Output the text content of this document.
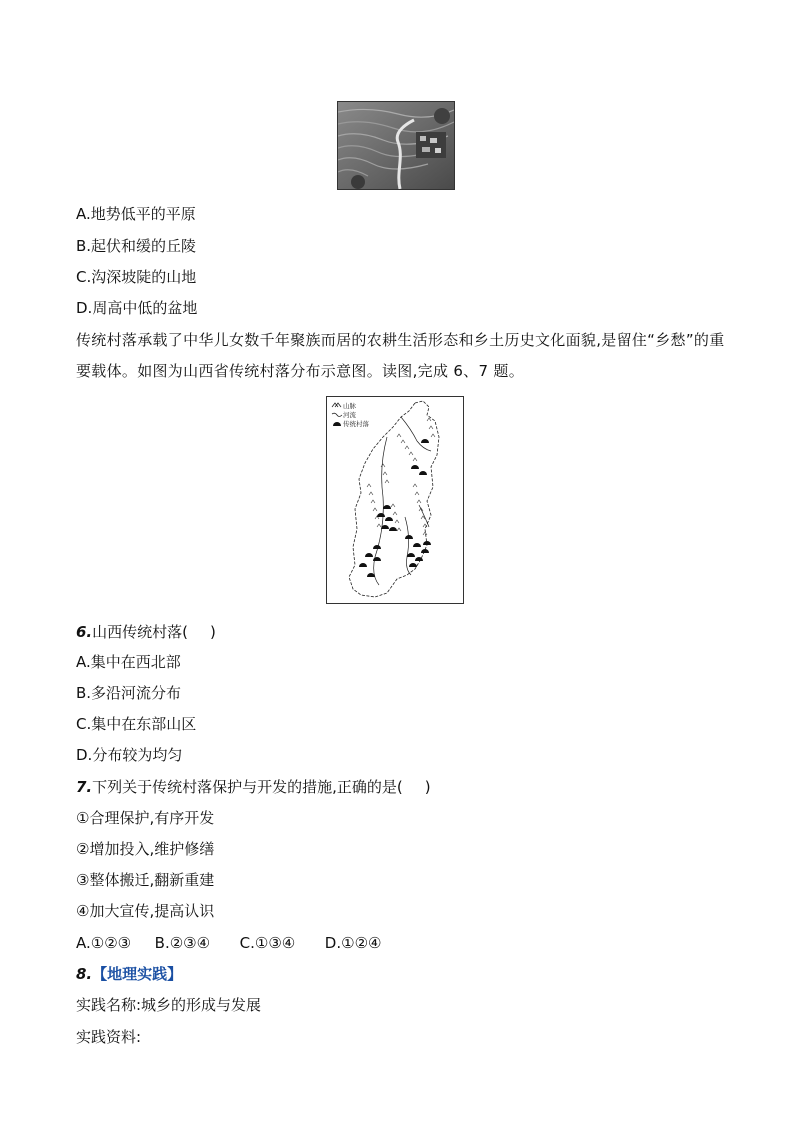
A.地势低平的平原
B.起伏和缓的丘陵
C.沟深坡陡的山地
D.周高中低的盆地
传统村落承载了中华儿女数千年聚族而居的农耕生活形态和乡土历史文化面貌,是留住“乡愁”的重要载体。如图为山西省传统村落分布示意图。读图,完成 6、7 题。
山脉
河流
传统村落
6.山西传统村落( )
A.集中在西北部
B.多沿河流分布
C.集中在东部山区
D.分布较为均匀
7.下列关于传统村落保护与开发的措施,正确的是( )
①合理保护,有序开发
②增加投入,维护修缮
③整体搬迁,翻新重建
④加大宣传,提高认识
A.①②③ B.②③④ C.①③④ D.①②④
8.【地理实践】
实践名称:城乡的形成与发展
实践资料:
